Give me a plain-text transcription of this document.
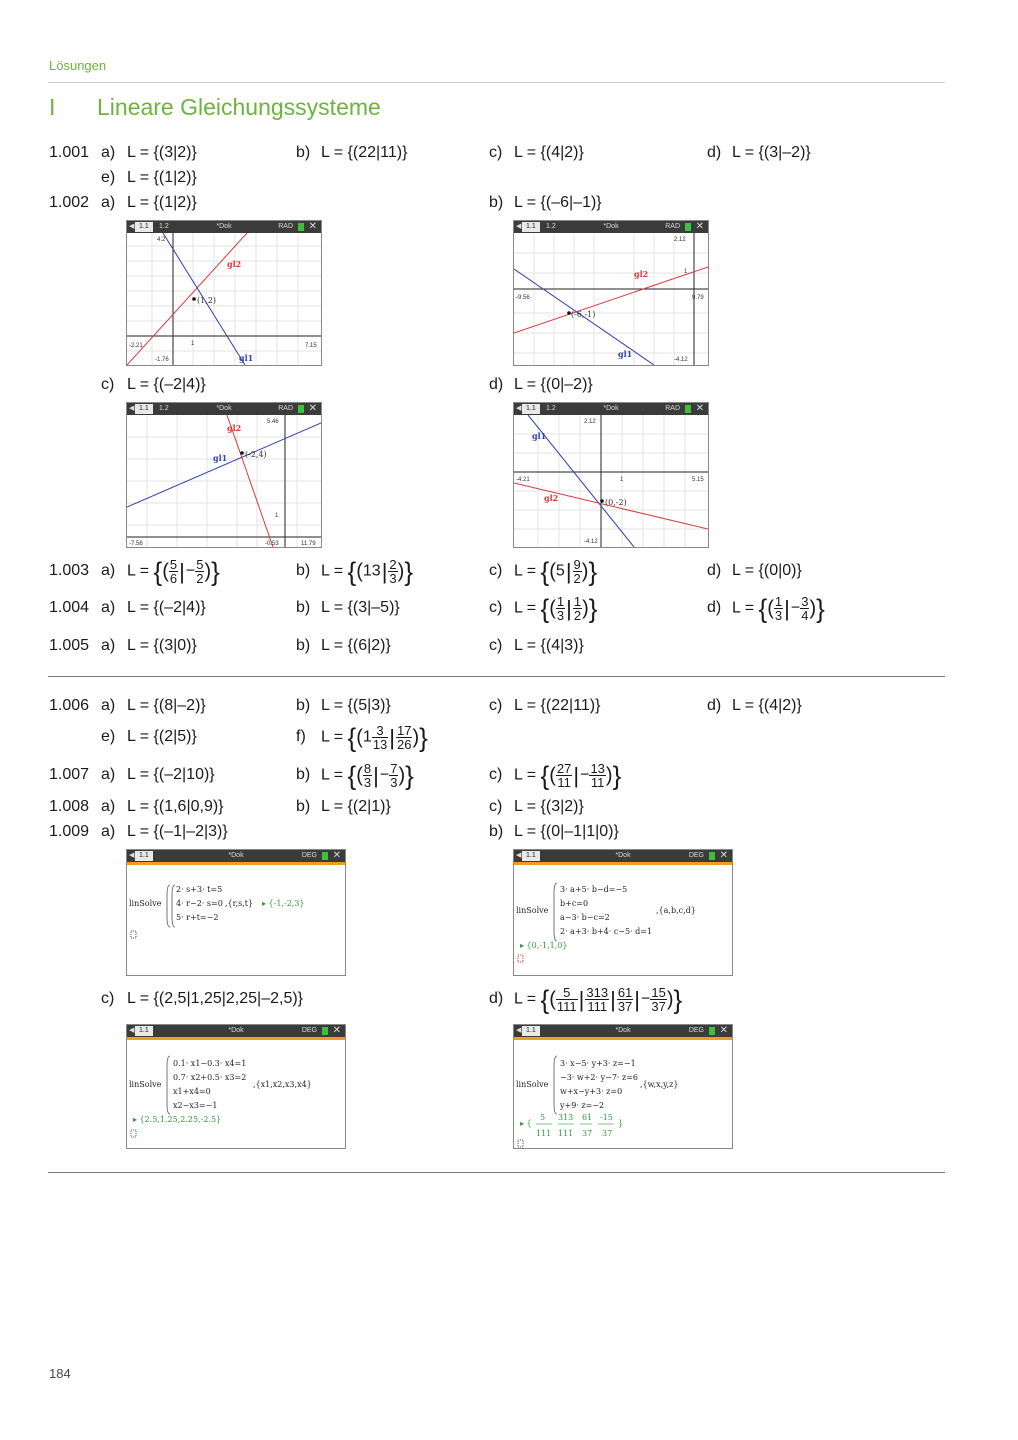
Lösungen
I Lineare Gleichungssysteme
1.001 a) L = {(3|2)}	b) L = {(22|11)}	c) L = {(4|2)}	d) L = {(3|–2)}
e) L = {(1|2)}
1.002 a) L = {(1|2)}	b) L = {(–6|–1)}
c) L = {(–2|4)}	d) L = {(0|–2)}
◀ 1.1	1.2	*Dok	RAD ✕
(1,2)
gl2
gl1
-2.21	7.15
4.2
-1.76
1
◀ 1.1	1.2	*Dok	RAD ✕
(-6,-1)
gl2
gl1
-9.56	9.79
2.12
-4.12
1
◀ 1.1	1.2	*Dok	RAD ✕
(-2,4)
gl2
gl1
-7.56	11.79
5.46
-0.53
1
◀ 1.1	1.2	*Dok	RAD ✕
(0,-2)
gl2
gl1
-4.21	5.15
2.12
-4.12
1
1.003 a) L = {( $\frac{5}{6}$ |− $\frac{5}{2}$ )}	b) $L = \{(13| \frac{2}{3}$ )}	c) $L = \{(5| \frac{9}{2}$ )}	d) L = {(0|0)}
1.004 a) L = {(–2|4)}	b) L = {(3|–5)}	c) L = {( $\frac{1}{3}$ | $\frac{1}{2}$ )}	d) L = {( $\frac{1}{3}$ |− $\frac{3}{4}$ )}
1.005 a) L = {(3|0)}	b) L = {(6|2)}	c) L = {(4|3)}
1.006 a) L = {(8|–2)}	b) L = {(5|3)}	c) L = {(22|11)}	d) L = {(4|2)}
e) L = {(2|5)}	f) $L = \{(1 \frac{3}{13}$ | $\frac{17}{26}$ )}
1.007 a) L = {(–2|10)}	b) L = {( $\frac{8}{3}$ |− $\frac{7}{3}$ )}	c) L = {( $\frac{27}{11}$ |− $\frac{13}{11}$ )}
1.008 a) L = {(1,6|0,9)}	b) L = {(2|1)}	c) L = {(3|2)}
1.009 a) L = {(–1|–2|3)}	b) L = {(0|–1|1|0)}
c) L = {(2,5|1,25|2,25|–2,5)}	d) L = {( $\frac{5}{111}$ | $\frac{313}{111}$ | $\frac{61}{37}$ |− $\frac{15}{37}$ )}
◀ 1.1	*Dok	DEG ✕
linSolve
2· s+3· t=5
4· r−2· s=0
5· r+t=−2
,{r,s,t} ▸ {-1,-2,3}
◀ 1.1	*Dok	DEG ✕
linSolve
3· a+5· b−d=−5
b+c=0
a−3· b−c=2
2· a+3· b+4· c−5· d=1
,{a,b,c,d}
▸ {0,-1,1,0}
◀ 1.1	*Dok	DEG ✕
linSolve
0.1· x1−0.3· x4=1
0.7· x2+0.5· x3=2
x1+x4=0
x2−x3=−1
,{x1,x2,x3,x4}
▸ {2.5,1.25,2.25,-2.5}
◀ 1.1	*Dok	DEG ✕
linSolve
3· x−5· y+3· z=−1
−3· w+2· y−7· z=6
w+x−y+3· z=0
y+9· z=−2
,{w,x,y,z}
▸ {
5
111
313
111
61
37
-15
37
}
184
